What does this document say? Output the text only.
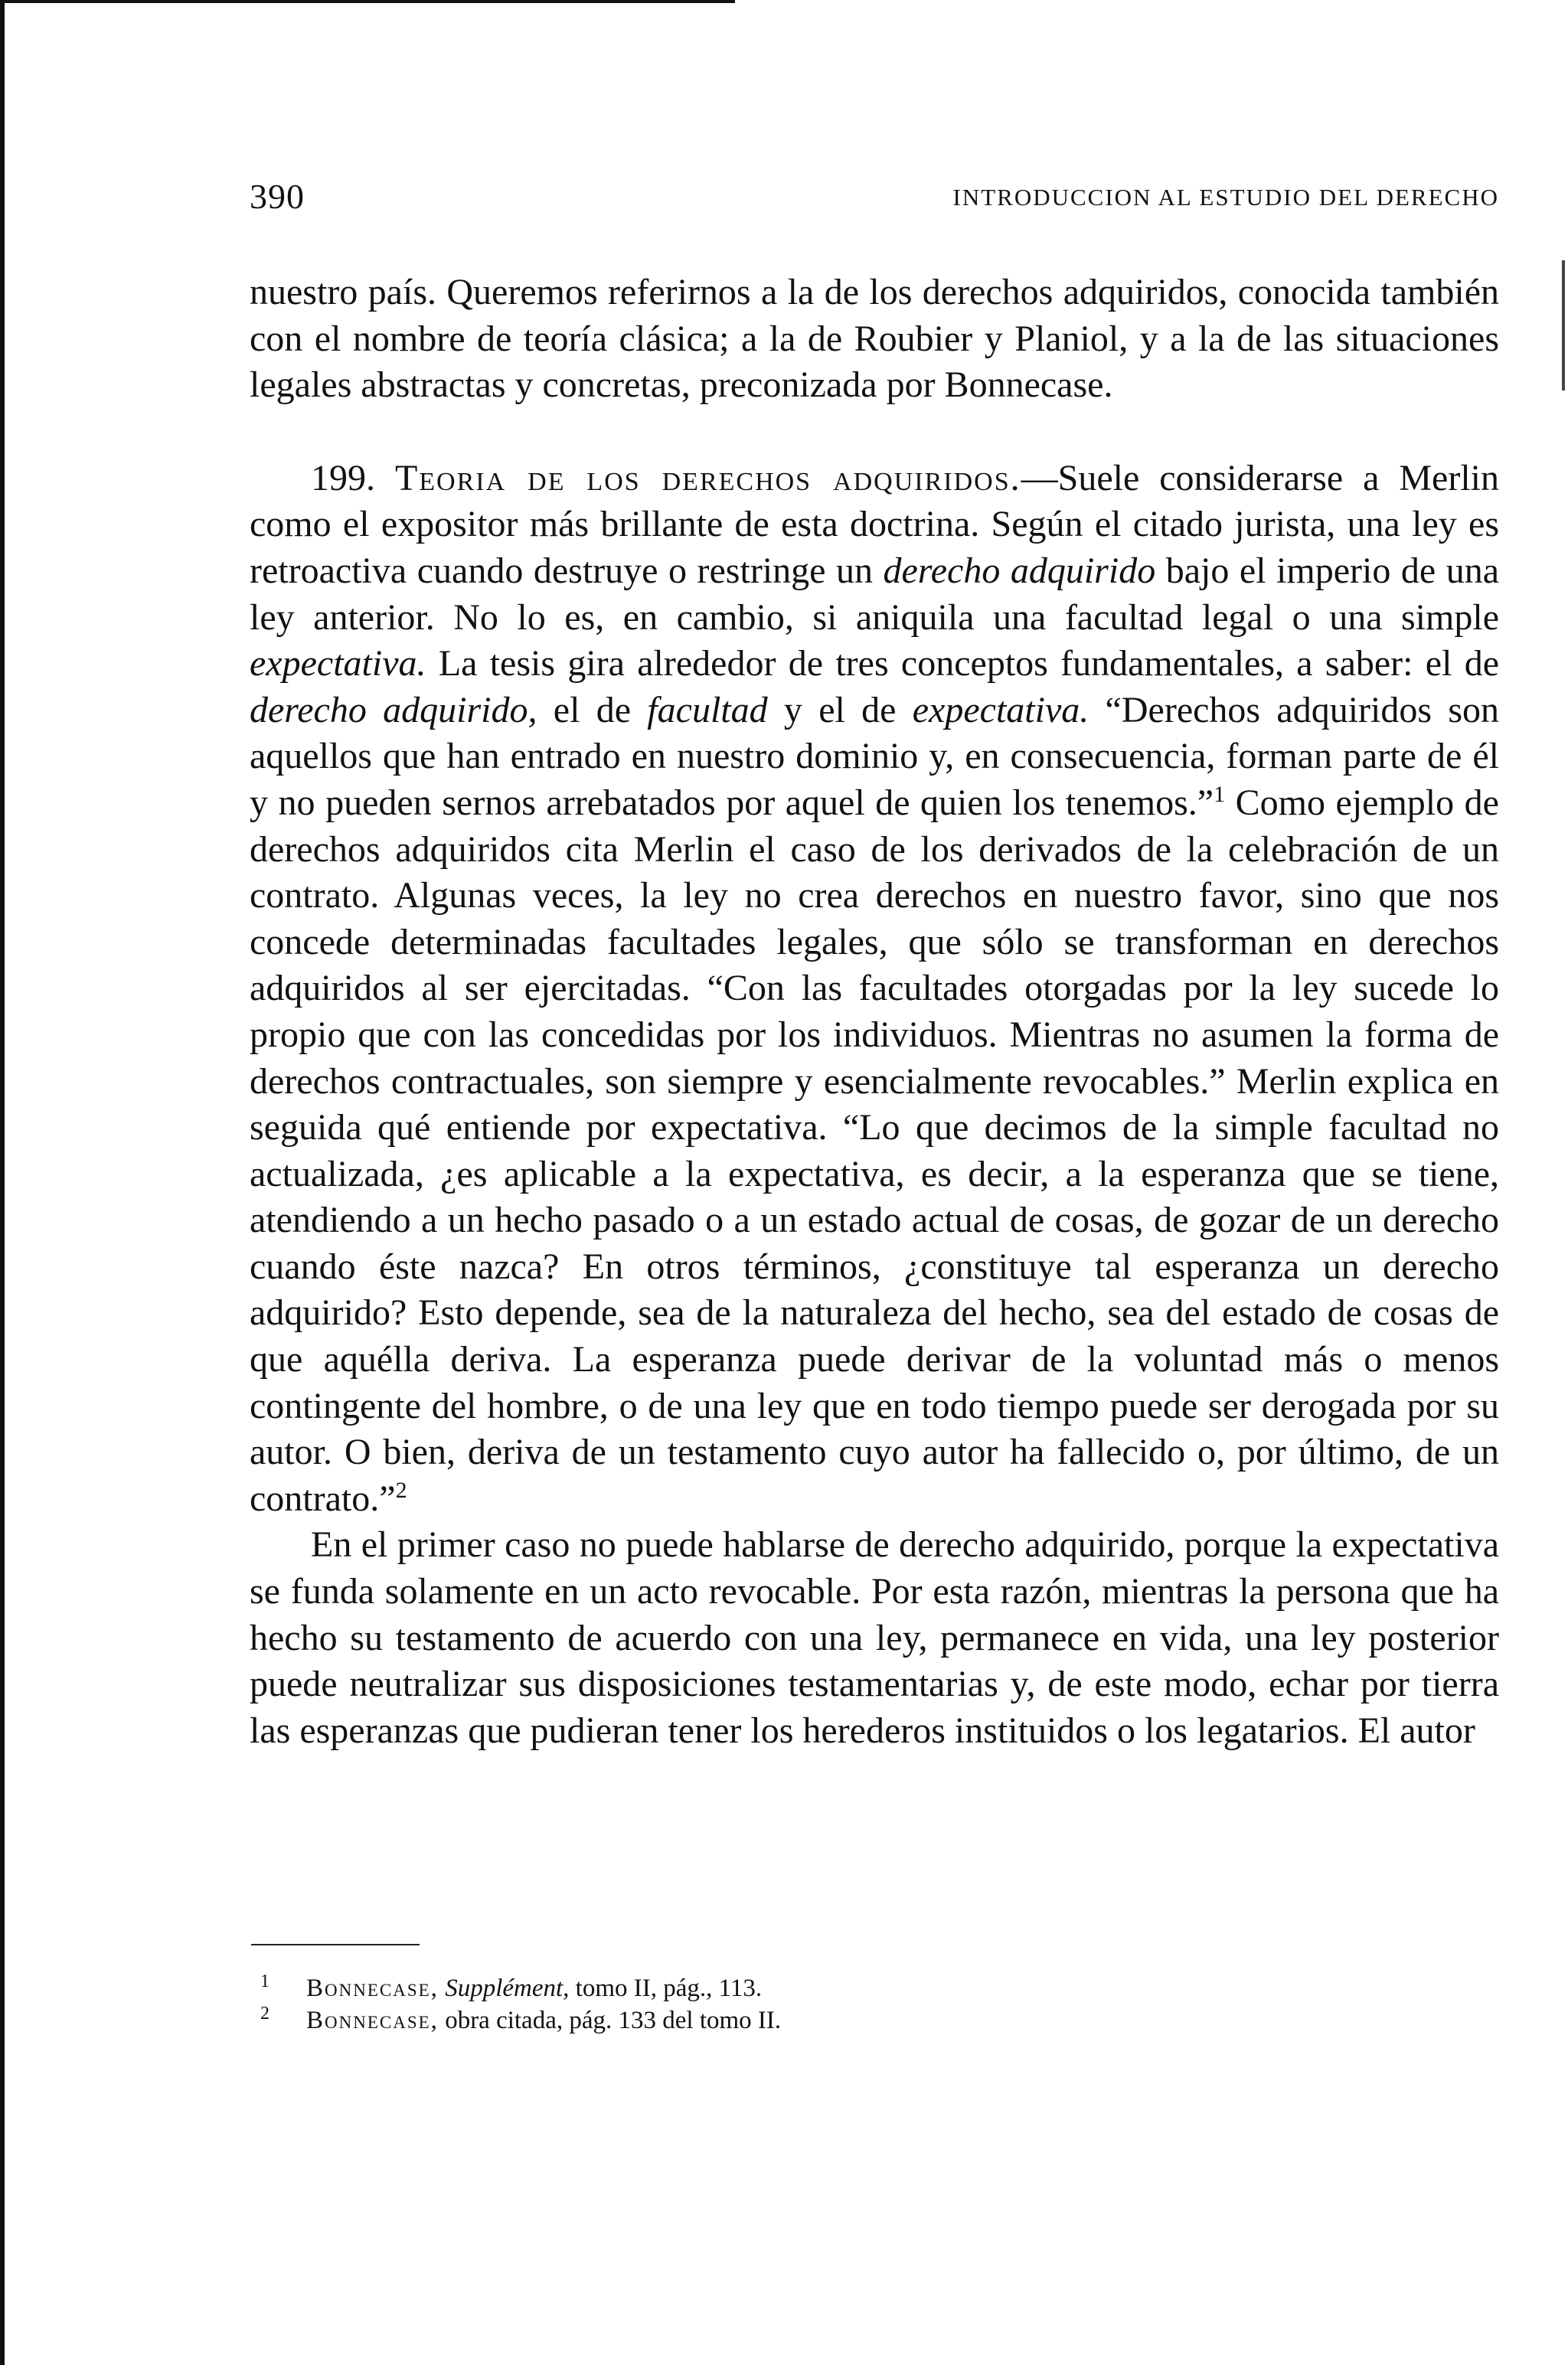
390	INTRODUCCION AL ESTUDIO DEL DERECHO

nuestro país. Queremos referirnos a la de los derechos adquiridos, conocida también con el nombre de teoría clásica; a la de Roubier y Planiol, y a la de las situaciones legales abstractas y concretas, preconizada por Bonnecase.

199. Teoria de los derechos adquiridos.—Suele considerarse a Merlin como el expositor más brillante de esta doctrina. Según el citado jurista, una ley es retroactiva cuando destruye o restringe un derecho adquirido bajo el imperio de una ley anterior. No lo es, en cambio, si aniquila una facultad legal o una simple expectativa. La tesis gira alrededor de tres conceptos fundamentales, a saber: el de derecho adquirido, el de facultad y el de expectativa. “Derechos adquiridos son aquellos que han entrado en nuestro dominio y, en consecuencia, forman parte de él y no pueden sernos arrebatados por aquel de quien los tenemos.”$^1$ Como ejemplo de derechos adquiridos cita Merlin el caso de los derivados de la celebración de un contrato. Algunas veces, la ley no crea derechos en nuestro favor, sino que nos concede determinadas facultades legales, que sólo se transforman en derechos adquiridos al ser ejercitadas. “Con las facultades otorgadas por la ley sucede lo propio que con las concedidas por los individuos. Mientras no asumen la forma de derechos contractuales, son siempre y esencialmente revocables.” Merlin explica en seguida qué entiende por expectativa. “Lo que decimos de la simple facultad no actualizada, ¿es aplicable a la expectativa, es decir, a la esperanza que se tiene, atendiendo a un hecho pasado o a un estado actual de cosas, de gozar de un derecho cuando éste nazca? En otros términos, ¿constituye tal esperanza un derecho adquirido? Esto depende, sea de la naturaleza del hecho, sea del estado de cosas de que aquélla deriva. La esperanza puede derivar de la voluntad más o menos contingente del hombre, o de una ley que en todo tiempo puede ser derogada por su autor. O bien, deriva de un testamento cuyo autor ha fallecido o, por último, de un contrato.”$^2$

En el primer caso no puede hablarse de derecho adquirido, porque la expectativa se funda solamente en un acto revocable. Por esta razón, mientras la persona que ha hecho su testamento de acuerdo con una ley, permanece en vida, una ley posterior puede neutralizar sus disposiciones testamentarias y, de este modo, echar por tierra las esperanzas que pudieran tener los herederos instituidos o los legatarios. El autor

1 Bonnecase, Supplément, tomo II, pág., 113.

2 Bonnecase, obra citada, pág. 133 del tomo II.
